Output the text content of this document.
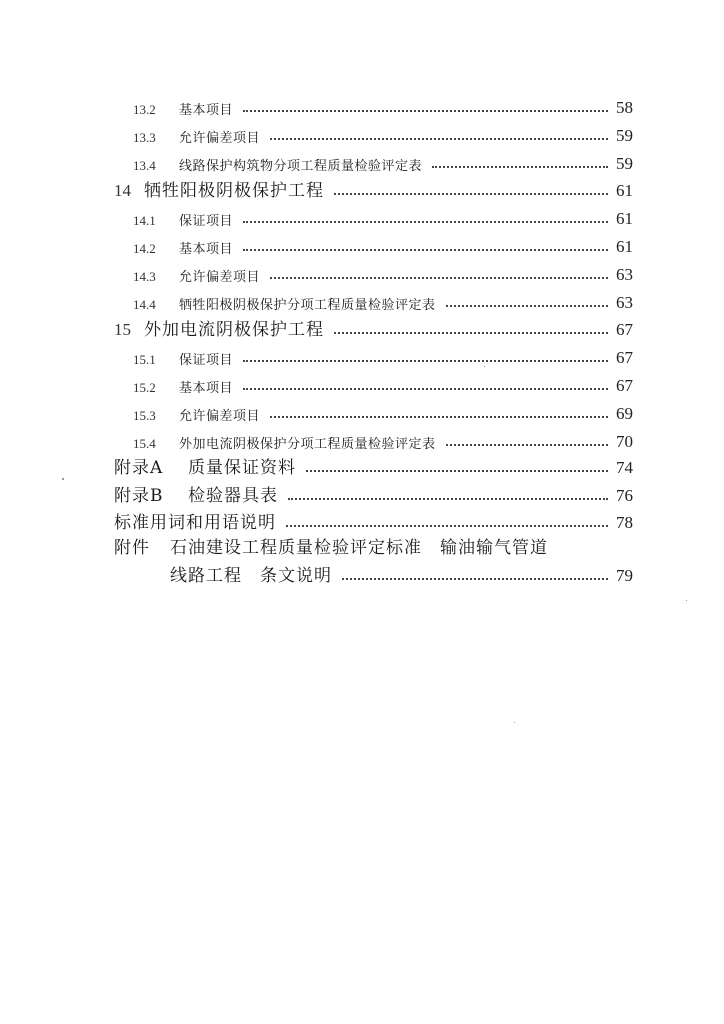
13.2	基本项目	58
13.3	允许偏差项目	59
13.4	线路保护构筑物分项工程质量检验评定表	59
14 牺牲阳极阴极保护工程	61
14.1	保证项目	61
14.2	基本项目	61
14.3	允许偏差项目	63
14.4	牺牲阳极阴极保护分项工程质量检验评定表	63
15 外加电流阴极保护工程	67
15.1	保证项目	67
15.2	基本项目	67
15.3	允许偏差项目	69
15.4	外加电流阴极保护分项工程质量检验评定表	70
附录A	质量保证资料	74
附录B	检验器具表	76
标准用词和用语说明	78
附件	石油建设工程质量检验评定标准　输油输气管道
线路工程　条文说明	79
